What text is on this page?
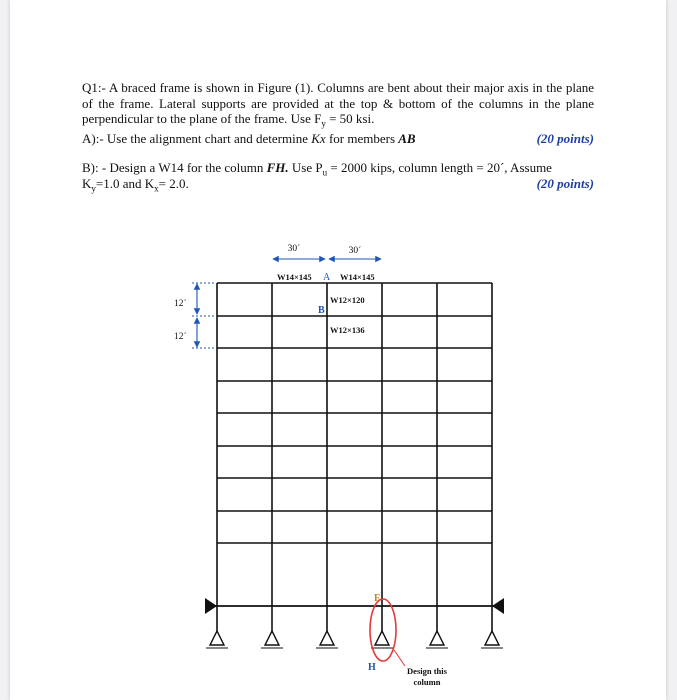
Q1:- A braced frame is shown in Figure (1). Columns are bent about their major axis in the plane of the frame. Lateral supports are provided at the top & bottom of the columns in the plane perpendicular to the plane of the frame. Use $F_y = 50$ ksi.

A):- Use the alignment chart and determine Kx for members AB	(20 points)

B): - Design a W14 for the column FH. Use $P_u = 2000$ kips, column length = 20´, Assume

$K_y=1.0$ and $K_x= 2.0$.	(20 points)

30´	30´
12´
12´
W14×145 A W14×145
W12×120
B
W12×136
F
H	Design this
column
